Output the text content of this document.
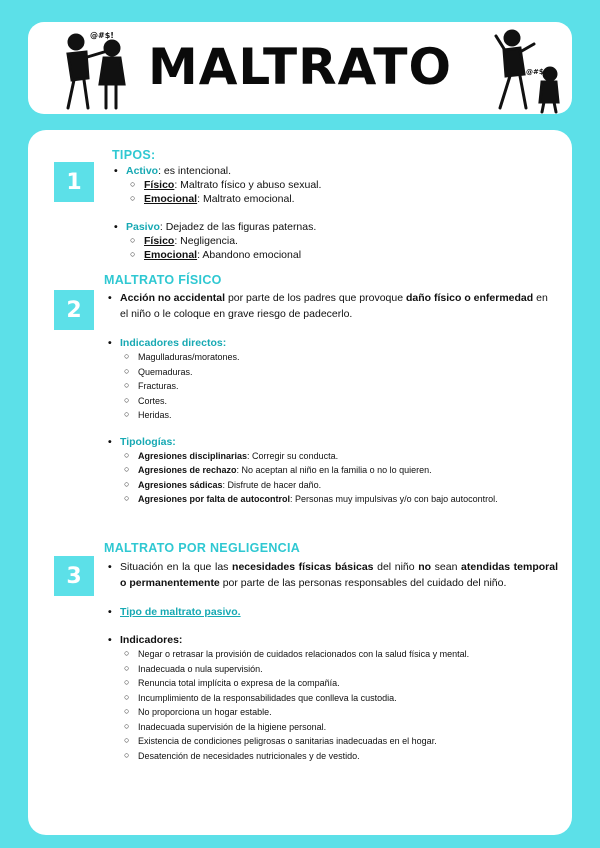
@#$!
MALTRATO	@#$!
1
TIPOS:
• Activo: es intencional.
○ Físico: Maltrato físico y abuso sexual.
○ Emocional: Maltrato emocional.
• Pasivo: Dejadez de las figuras paternas.
○ Físico: Negligencia.
○ Emocional: Abandono emocional
2
MALTRATO FÍSICO
• Acción no accidental por parte de los padres que provoque daño físico o enfermedad en el niño o le coloque en grave riesgo de padecerlo.
• Indicadores directos:
○ Magulladuras/moratones.
○ Quemaduras.
○ Fracturas.
○ Cortes.
○ Heridas.
• Tipologías:
○ Agresiones disciplinarias: Corregir su conducta.
○ Agresiones de rechazo: No aceptan al niño en la familia o no lo quieren.
○ Agresiones sádicas: Disfrute de hacer daño.
○ Agresiones por falta de autocontrol: Personas muy impulsivas y/o con bajo autocontrol.
3
MALTRATO POR NEGLIGENCIA
• Situación en la que las necesidades físicas básicas del niño no sean atendidas temporal o permanentemente por parte de las personas responsables del cuidado del niño.
• Tipo de maltrato pasivo.
• Indicadores:
○ Negar o retrasar la provisión de cuidados relacionados con la salud física y mental.
○ Inadecuada o nula supervisión.
○ Renuncia total implícita o expresa de la compañía.
○ Incumplimiento de la responsabilidades que conlleva la custodia.
○ No proporciona un hogar estable.
○ Inadecuada supervisión de la higiene personal.
○ Existencia de condiciones peligrosas o sanitarias inadecuadas en el hogar.
○ Desatención de necesidades nutricionales y de vestido.
